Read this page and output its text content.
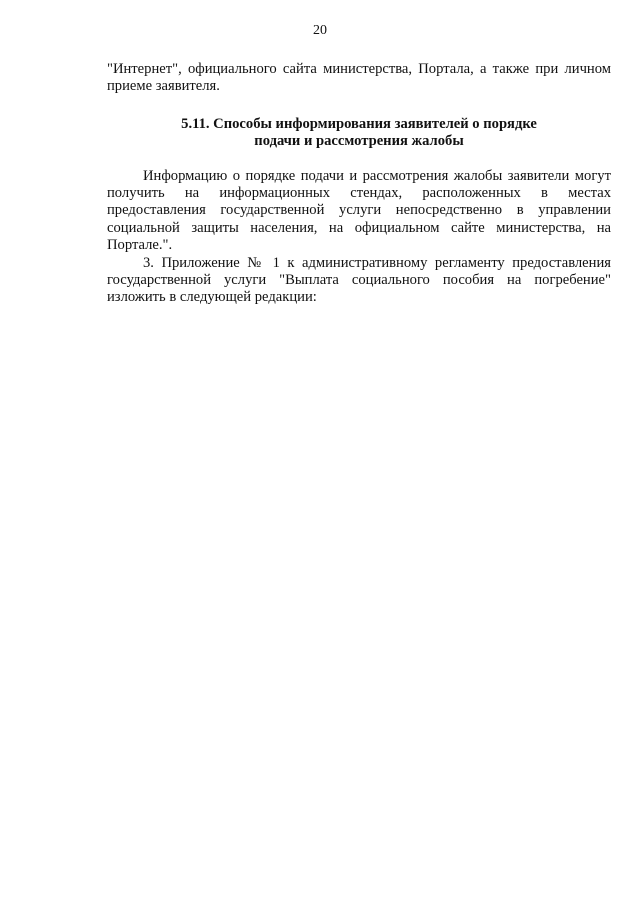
20

"Интернет", официального сайта министерства, Портала, а также при личном приеме заявителя.

5.11. Способы информирования заявителей о порядке
подачи и рассмотрения жалобы

Информацию о порядке подачи и рассмотрения жалобы заявители могут получить на информационных стендах, расположенных в местах предоставления государственной услуги непосредственно в управлении социальной защиты населения, на официальном сайте министерства, на Портале.".

3. Приложение № 1 к административному регламенту предоставления государственной услуги "Выплата социального пособия на погребение" изложить в следующей редакции:
